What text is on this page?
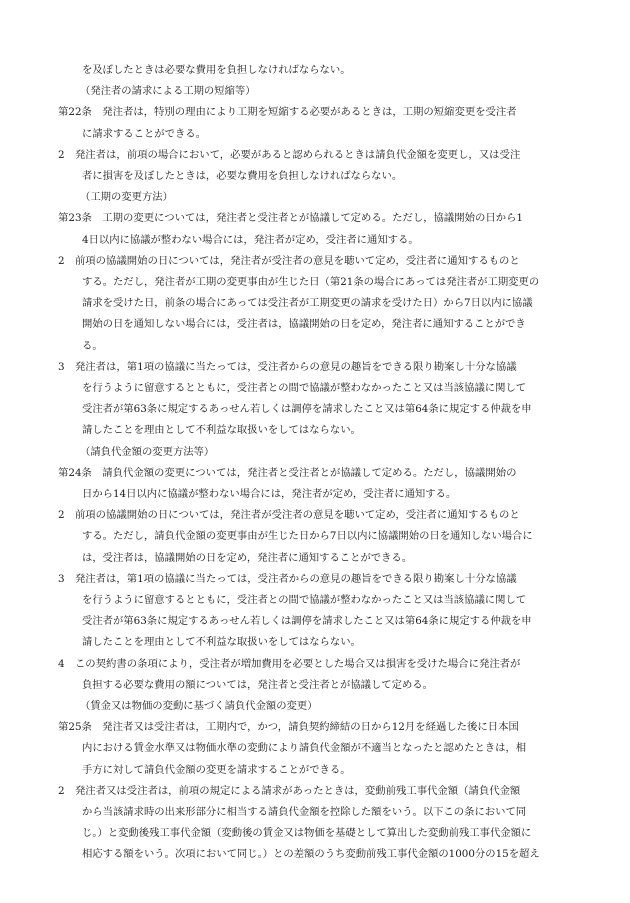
を及ぼしたときは必要な費用を負担しなければならない。
（発注者の請求による工期の短縮等）
第22条　発注者は，特別の理由により工期を短縮する必要があるときは，工期の短縮変更を受注者
に請求することができる。
2　発注者は，前項の場合において，必要があると認められるときは請負代金額を変更し，又は受注
者に損害を及ぼしたときは，必要な費用を負担しなければならない。
（工期の変更方法）
第23条　工期の変更については，発注者と受注者とが協議して定める。ただし，協議開始の日から1
4日以内に協議が整わない場合には，発注者が定め，受注者に通知する。
2　前項の協議開始の日については，発注者が受注者の意見を聴いて定め，受注者に通知するものと
する。ただし，発注者が工期の変更事由が生じた日（第21条の場合にあっては発注者が工期変更の
請求を受けた日，前条の場合にあっては受注者が工期変更の請求を受けた日）から7日以内に協議
開始の日を通知しない場合には，受注者は，協議開始の日を定め，発注者に通知することができ
る。
3　発注者は，第1項の協議に当たっては，受注者からの意見の趣旨をできる限り勘案し十分な協議
を行うように留意するとともに，受注者との間で協議が整わなかったこと又は当該協議に関して
受注者が第63条に規定するあっせん若しくは調停を請求したこと又は第64条に規定する仲裁を申
請したことを理由として不利益な取扱いをしてはならない。
（請負代金額の変更方法等）
第24条　請負代金額の変更については，発注者と受注者とが協議して定める。ただし，協議開始の
日から14日以内に協議が整わない場合には，発注者が定め，受注者に通知する。
2　前項の協議開始の日については，発注者が受注者の意見を聴いて定め，受注者に通知するものと
する。ただし，請負代金額の変更事由が生じた日から7日以内に協議開始の日を通知しない場合に
は，受注者は，協議開始の日を定め，発注者に通知することができる。
3　発注者は，第1項の協議に当たっては，受注者からの意見の趣旨をできる限り勘案し十分な協議
を行うように留意するとともに，受注者との間で協議が整わなかったこと又は当該協議に関して
受注者が第63条に規定するあっせん若しくは調停を請求したこと又は第64条に規定する仲裁を申
請したことを理由として不利益な取扱いをしてはならない。
4　この契約書の条項により，受注者が増加費用を必要とした場合又は損害を受けた場合に発注者が
負担する必要な費用の額については，発注者と受注者とが協議して定める。
（賃金又は物価の変動に基づく請負代金額の変更）
第25条　発注者又は受注者は，工期内で，かつ，請負契約締結の日から12月を経過した後に日本国
内における賃金水準又は物価水準の変動により請負代金額が不適当となったと認めたときは，相
手方に対して請負代金額の変更を請求することができる。
2　発注者又は受注者は，前項の規定による請求があったときは，変動前残工事代金額（請負代金額
から当該請求時の出来形部分に相当する請負代金額を控除した額をいう。以下この条において同
じ。）と変動後残工事代金額（変動後の賃金又は物価を基礎として算出した変動前残工事代金額に
相応する額をいう。次項において同じ。）との差額のうち変動前残工事代金額の1000分の15を超え
